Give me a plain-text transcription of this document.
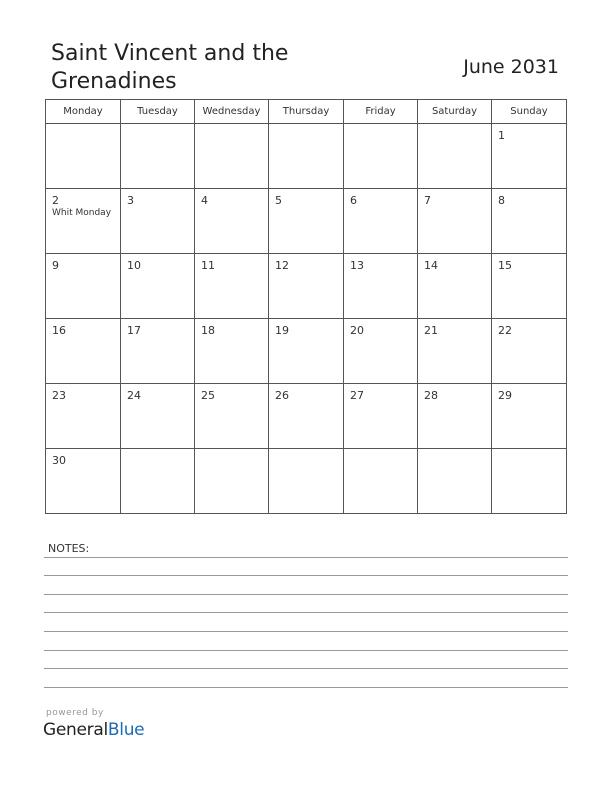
Saint Vincent and the Grenadines
June 2031
Monday	Tuesday	Wednesday	Thursday	Friday	Saturday	Sunday

						1

2
Whit Monday	3	4	5	6	7	8

9	10	11	12	13	14	15

16	17	18	19	20	21	22

23	24	25	26	27	28	29

30						

NOTES:
powered by
GeneralBlue
